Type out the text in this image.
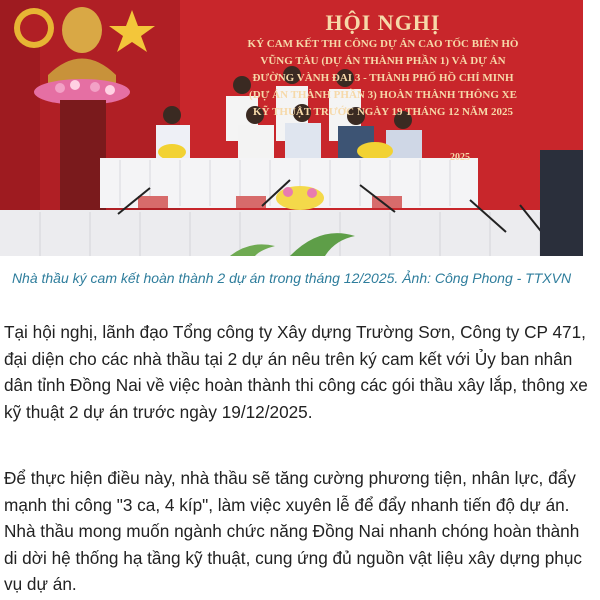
HỘI NGHỊ
KÝ CAM KẾT THI CÔNG DỰ ÁN CAO TỐC BIÊN HÒ
VŨNG TÀU (DỰ ÁN THÀNH PHẦN 1) VÀ DỰ ÁN
ĐƯỜNG VÀNH ĐAI 3 - THÀNH PHỐ HỒ CHÍ MINH
(DỰ ÁN THÀNH PHẦN 3) HOÀN THÀNH THÔNG XE
KỸ THUẬT TRƯỚC NGÀY 19 THÁNG 12 NĂM 2025
2025
Nhà thầu ký cam kết hoàn thành 2 dự án trong tháng 12/2025. Ảnh: Công Phong - TTXVN

Tại hội nghị, lãnh đạo Tổng công ty Xây dựng Trường Sơn, Công ty CP 471, đại diện cho các nhà thầu tại 2 dự án nêu trên ký cam kết với Ủy ban nhân dân tỉnh Đồng Nai về việc hoàn thành thi công các gói thầu xây lắp, thông xe kỹ thuật 2 dự án trước ngày 19/12/2025.

Để thực hiện điều này, nhà thầu sẽ tăng cường phương tiện, nhân lực, đẩy mạnh thi công "3 ca, 4 kíp", làm việc xuyên lễ để đẩy nhanh tiến độ dự án. Nhà thầu mong muốn ngành chức năng Đồng Nai nhanh chóng hoàn thành di dời hệ thống hạ tầng kỹ thuật, cung ứng đủ nguồn vật liệu xây dựng phục vụ dự án.
